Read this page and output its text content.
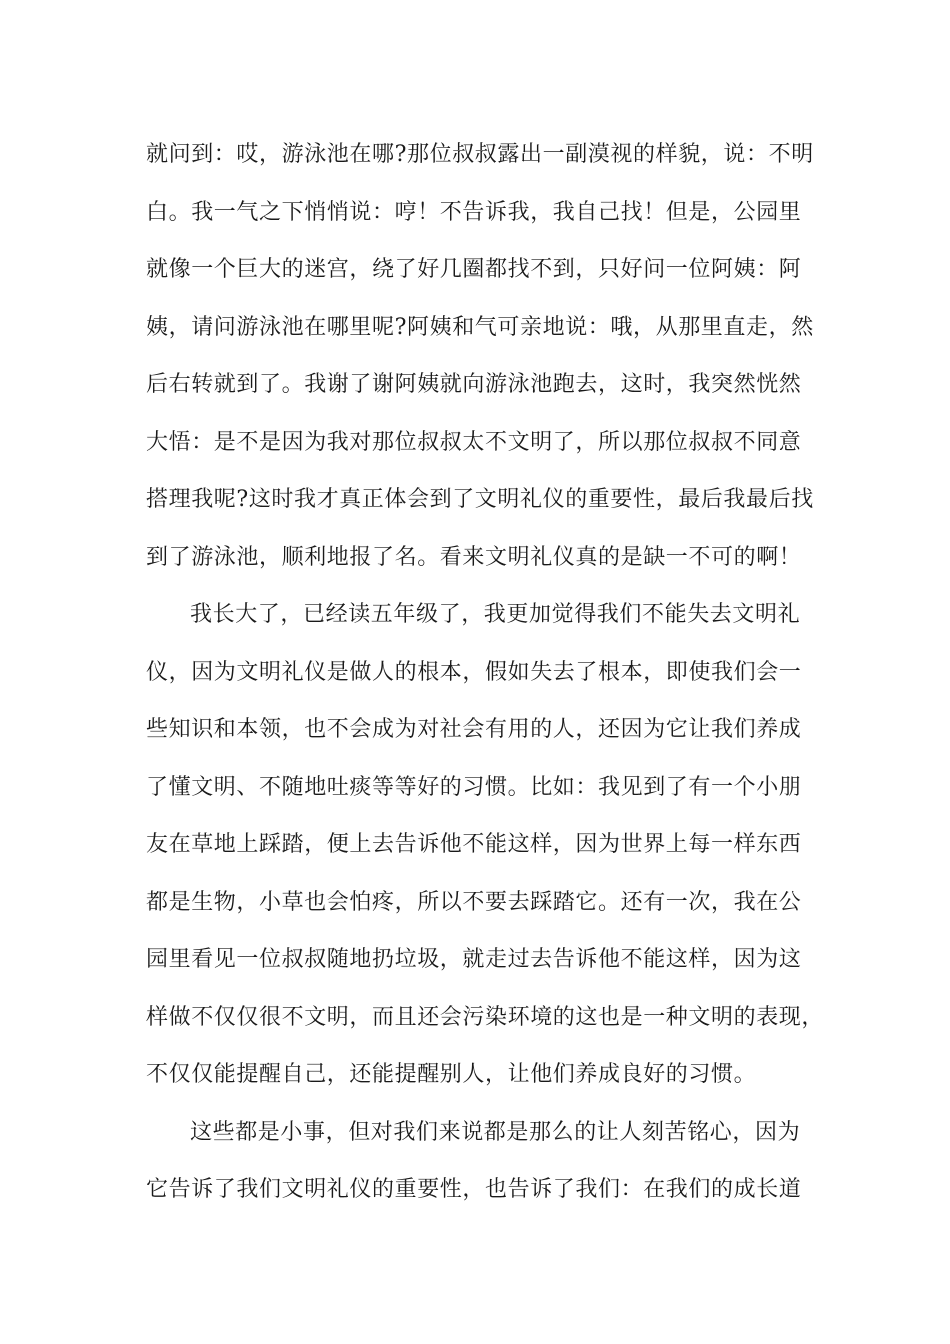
就问到：哎，游泳池在哪?那位叔叔露出一副漠视的样貌，说：不明
白。我一气之下悄悄说：哼！不告诉我，我自己找！但是，公园里
就像一个巨大的迷宫，绕了好几圈都找不到，只好问一位阿姨：阿
姨，请问游泳池在哪里呢?阿姨和气可亲地说：哦，从那里直走，然
后右转就到了。我谢了谢阿姨就向游泳池跑去，这时，我突然恍然
大悟：是不是因为我对那位叔叔太不文明了，所以那位叔叔不同意
搭理我呢?这时我才真正体会到了文明礼仪的重要性，最后我最后找
到了游泳池，顺利地报了名。看来文明礼仪真的是缺一不可的啊！
我长大了，已经读五年级了，我更加觉得我们不能失去文明礼
仪，因为文明礼仪是做人的根本，假如失去了根本，即使我们会一
些知识和本领，也不会成为对社会有用的人，还因为它让我们养成
了懂文明、不随地吐痰等等好的习惯。比如：我见到了有一个小朋
友在草地上踩踏，便上去告诉他不能这样，因为世界上每一样东西
都是生物，小草也会怕疼，所以不要去踩踏它。还有一次，我在公
园里看见一位叔叔随地扔垃圾，就走过去告诉他不能这样，因为这
样做不仅仅很不文明，而且还会污染环境的这也是一种文明的表现，
不仅仅能提醒自己，还能提醒别人，让他们养成良好的习惯。
这些都是小事，但对我们来说都是那么的让人刻苦铭心，因为
它告诉了我们文明礼仪的重要性，也告诉了我们：在我们的成长道
